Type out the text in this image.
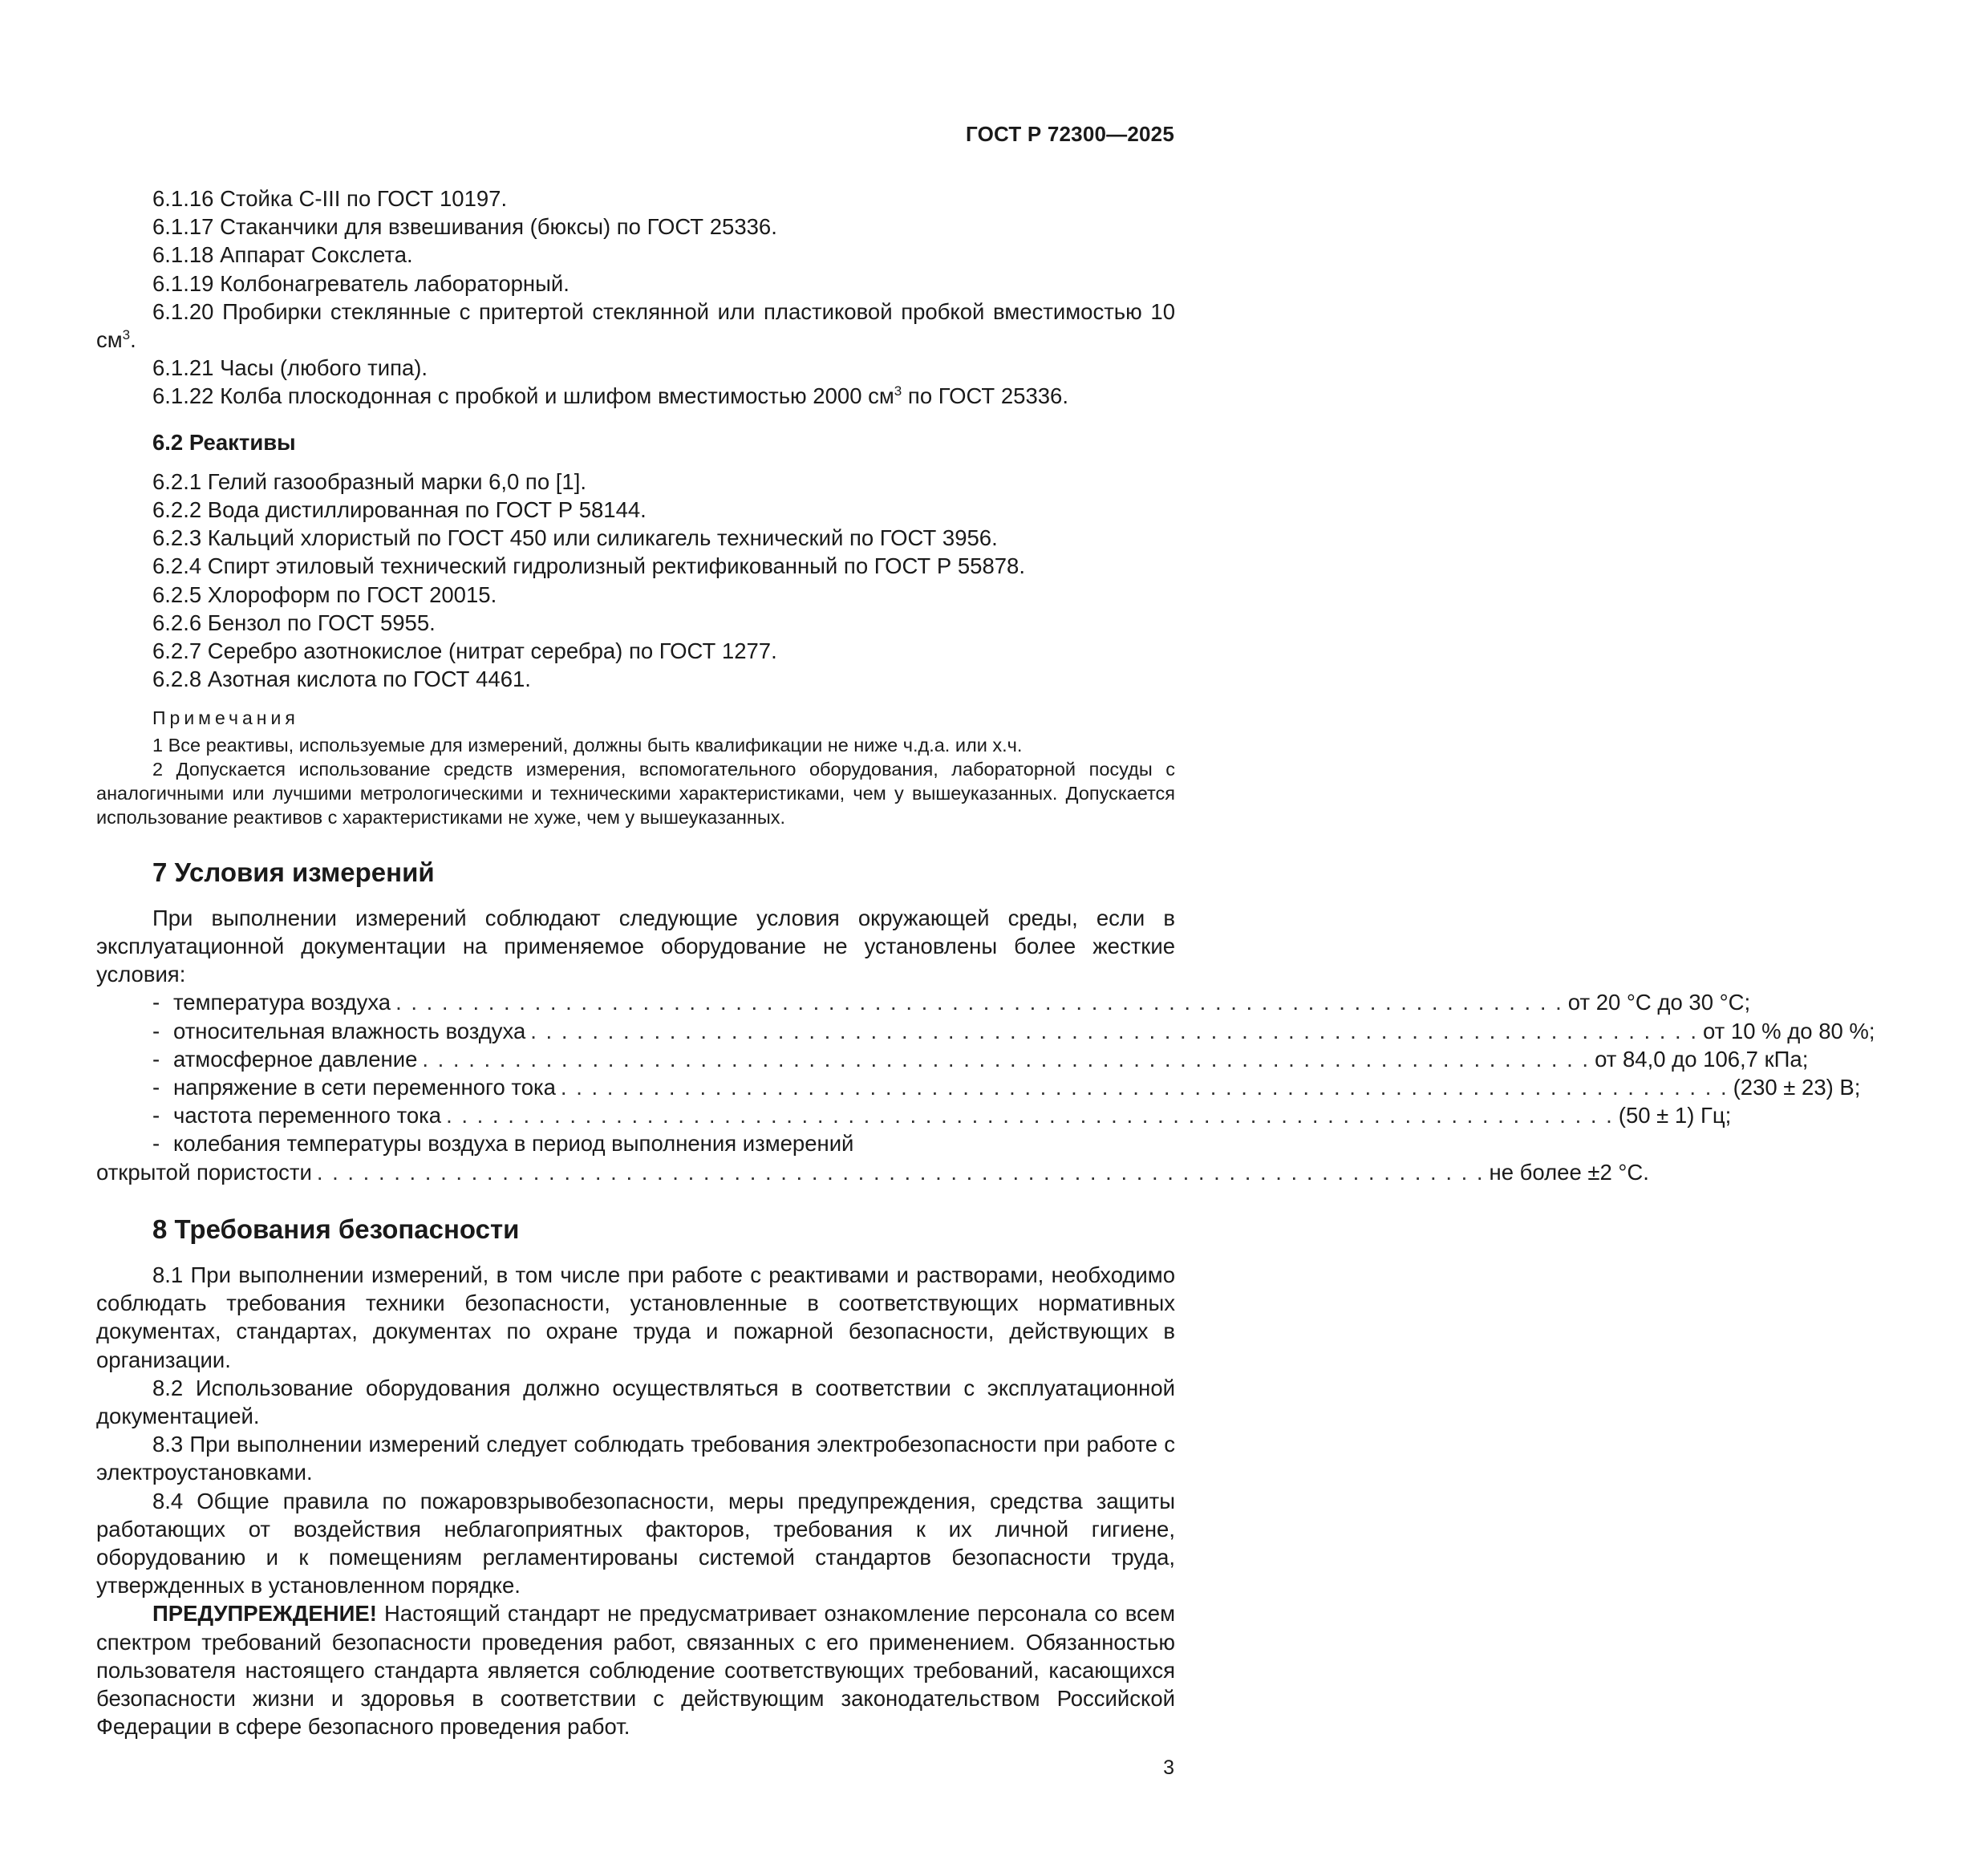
ГОСТ Р 72300—2025

6.1.16 Стойка С-III по ГОСТ 10197.

6.1.17 Стаканчики для взвешивания (бюксы) по ГОСТ 25336.

6.1.18 Аппарат Сокслета.

6.1.19 Колбонагреватель лабораторный.

6.1.20 Пробирки стеклянные с притертой стеклянной или пластиковой пробкой вместимостью 10 $см^3$.

6.1.21 Часы (любого типа).

6.1.22 Колба плоскодонная с пробкой и шлифом вместимостью 2000 $см^3$ по ГОСТ 25336.

6.2 Реактивы

6.2.1 Гелий газообразный марки 6,0 по [1].

6.2.2 Вода дистиллированная по ГОСТ Р 58144.

6.2.3 Кальций хлористый по ГОСТ 450 или силикагель технический по ГОСТ 3956.

6.2.4 Спирт этиловый технический гидролизный ректификованный по ГОСТ Р 55878.

6.2.5 Хлороформ по ГОСТ 20015.

6.2.6 Бензол по ГОСТ 5955.

6.2.7 Серебро азотнокислое (нитрат серебра) по ГОСТ 1277.

6.2.8 Азотная кислота по ГОСТ 4461.

Примечания

1 Все реактивы, используемые для измерений, должны быть квалификации не ниже ч.д.а. или х.ч.

2 Допускается использование средств измерения, вспомогательного оборудования, лабораторной посуды с аналогичными или лучшими метрологическими и техническими характеристиками, чем у вышеуказанных. Допускается использование реактивов с характеристиками не хуже, чем у вышеуказанных.

7 Условия измерений

При выполнении измерений соблюдают следующие условия окружающей среды, если в эксплуатационной документации на применяемое оборудование не установлены более жесткие условия:

- температура воздуха . . . . . . . . . . . . . . . . . . . . . . . . . . . . . . . . . . . . . . . . . . . . . . . . . . . . . . . . . . . . . . . . . . . . . . . . . . . . от 20 °С до 30 °С;
- относительная влажность воздуха . . . . . . . . . . . . . . . . . . . . . . . . . . . . . . . . . . . . . . . . . . . . . . . . . . . . . . . . . . . . . . . . . . . . . . . . . . . . от 10 % до 80 %;
- атмосферное давление . . . . . . . . . . . . . . . . . . . . . . . . . . . . . . . . . . . . . . . . . . . . . . . . . . . . . . . . . . . . . . . . . . . . . . . . . . . . от 84,0 до 106,7 кПа;
- напряжение в сети переменного тока . . . . . . . . . . . . . . . . . . . . . . . . . . . . . . . . . . . . . . . . . . . . . . . . . . . . . . . . . . . . . . . . . . . . . . . . . . . . (230 ± 23) В;
- частота переменного тока . . . . . . . . . . . . . . . . . . . . . . . . . . . . . . . . . . . . . . . . . . . . . . . . . . . . . . . . . . . . . . . . . . . . . . . . . . . . (50 ± 1) Гц;
- колебания температуры воздуха в период выполнения измерений
открытой пористости . . . . . . . . . . . . . . . . . . . . . . . . . . . . . . . . . . . . . . . . . . . . . . . . . . . . . . . . . . . . . . . . . . . . . . . . . . . . не более ±2 °С.

8 Требования безопасности

8.1 При выполнении измерений, в том числе при работе с реактивами и растворами, необходимо соблюдать требования техники безопасности, установленные в соответствующих нормативных документах, стандартах, документах по охране труда и пожарной безопасности, действующих в организации.

8.2 Использование оборудования должно осуществляться в соответствии с эксплуатационной документацией.

8.3 При выполнении измерений следует соблюдать требования электробезопасности при работе с электроустановками.

8.4 Общие правила по пожаровзрывобезопасности, меры предупреждения, средства защиты работающих от воздействия неблагоприятных факторов, требования к их личной гигиене, оборудованию и к помещениям регламентированы системой стандартов безопасности труда, утвержденных в установленном порядке.

ПРЕДУПРЕЖДЕНИЕ! Настоящий стандарт не предусматривает ознакомление персонала со всем спектром требований безопасности проведения работ, связанных с его применением. Обязанностью пользователя настоящего стандарта является соблюдение соответствующих требований, касающихся безопасности жизни и здоровья в соответствии с действующим законодательством Российской Федерации в сфере безопасного проведения работ.

3
